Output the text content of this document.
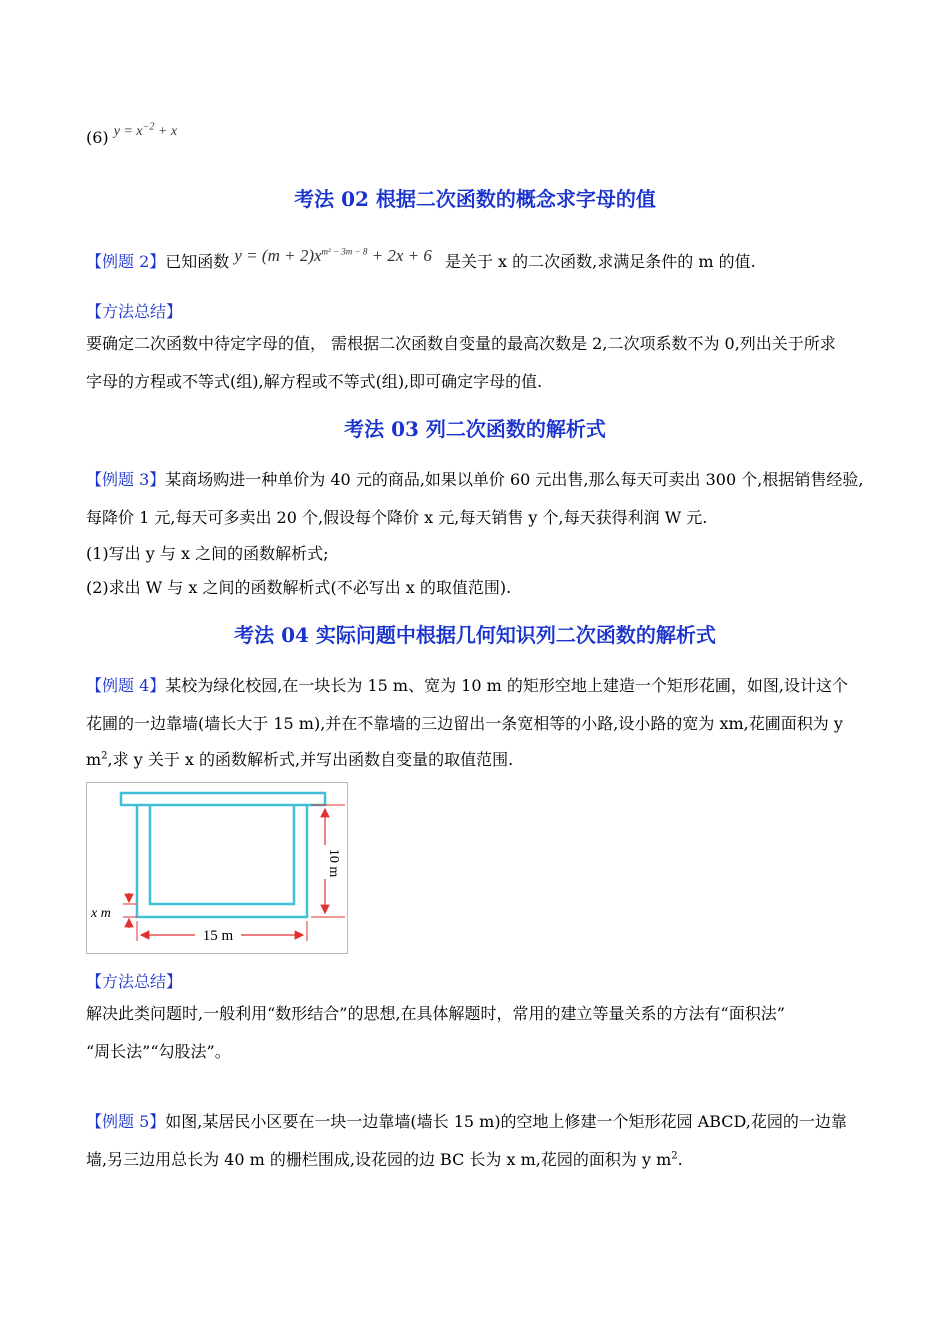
(6) $y = x^{-2} + x$
考法 02 根据二次函数的概念求字母的值
【例题 2】已知函数 $y = (m + 2)x^{m^2 - 3m - 8} + 2x + 6$ 是关于 x 的二次函数,求满足条件的 m 的值.
【方法总结】
要确定二次函数中待定字母的值， 需根据二次函数自变量的最高次数是 2,二次项系数不为 0,列出关于所求
字母的方程或不等式(组),解方程或不等式(组),即可确定字母的值.
考法 03 列二次函数的解析式
【例题 3】某商场购进一种单价为 40 元的商品,如果以单价 60 元出售,那么每天可卖出 300 个,根据销售经验,
每降价 1 元,每天可多卖出 20 个,假设每个降价 x 元,每天销售 y 个,每天获得利润 W 元.
(1)写出 y 与 x 之间的函数解析式;
(2)求出 W 与 x 之间的函数解析式(不必写出 x 的取值范围).
考法 04 实际问题中根据几何知识列二次函数的解析式
【例题 4】某校为绿化校园,在一块长为 15 m、宽为 10 m 的矩形空地上建造一个矩形花圃，如图,设计这个
花圃的一边靠墙(墙长大于 15 m),并在不靠墙的三边留出一条宽相等的小路,设小路的宽为 xm,花圃面积为 y
$m^2$,求 y 关于 x 的函数解析式,并写出函数自变量的取值范围.
10 m
15 m
x m
【方法总结】
解决此类问题时,一般利用“数形结合”的思想,在具体解题时，常用的建立等量关系的方法有“面积法”
“周长法”“勾股法”。
【例题 5】如图,某居民小区要在一块一边靠墙(墙长 15 m)的空地上修建一个矩形花园 ABCD,花园的一边靠
墙,另三边用总长为 40 m 的栅栏围成,设花园的边 BC 长为 x m,花园的面积为 y $m^2$.
